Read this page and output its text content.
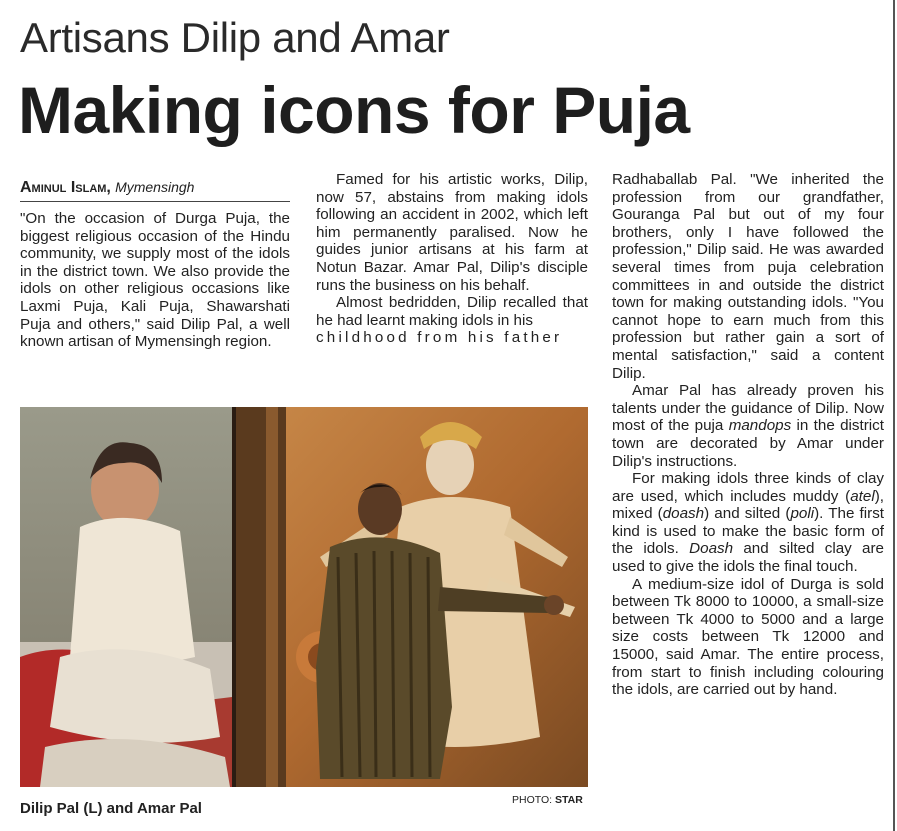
Artisans Dilip and Amar
Making icons for Puja
Aminul Islam, Mymensingh

"On the occasion of Durga Puja, the biggest religious occasion of the Hindu community, we supply most of the idols in the district town. We also provide the idols on other religious occasions like Laxmi Puja, Kali Puja, Shawarshati Puja and others," said Dilip Pal, a well known artisan of Mymensingh region.

Famed for his artistic works, Dilip, now 57, abstains from making idols following an accident in 2002, which left him permanently paralised. Now he guides junior artisans at his farm at Notun Bazar. Amar Pal, Dilip's disciple runs the business on his behalf.

Almost bedridden, Dilip recalled that he had learnt making idols in his

childhood from his father

Radhaballab Pal. "We inherited the profession from our grandfather, Gouranga Pal but out of my four brothers, only I have followed the profession," Dilip said. He was awarded several times from puja celebration committees in and outside the district town for making outstanding idols. "You cannot hope to earn much from this profession but rather gain a sort of mental satisfaction," said a content Dilip.

Amar Pal has already proven his talents under the guidance of Dilip. Now most of the puja mandops in the district town are decorated by Amar under Dilip's instructions.

For making idols three kinds of clay are used, which includes muddy (atel), mixed (doash) and silted (poli). The first kind is used to make the basic form of the idols. Doash and silted clay are used to give the idols the final touch.

A medium-size idol of Durga is sold between Tk 8000 to 10000, a small-size between Tk 4000 to 5000 and a large size costs between Tk 12000 and 15000, said Amar. The entire process, from start to finish including colouring the idols, are carried out by hand.

Dilip Pal (L) and Amar Pal	PHOTO: STAR
